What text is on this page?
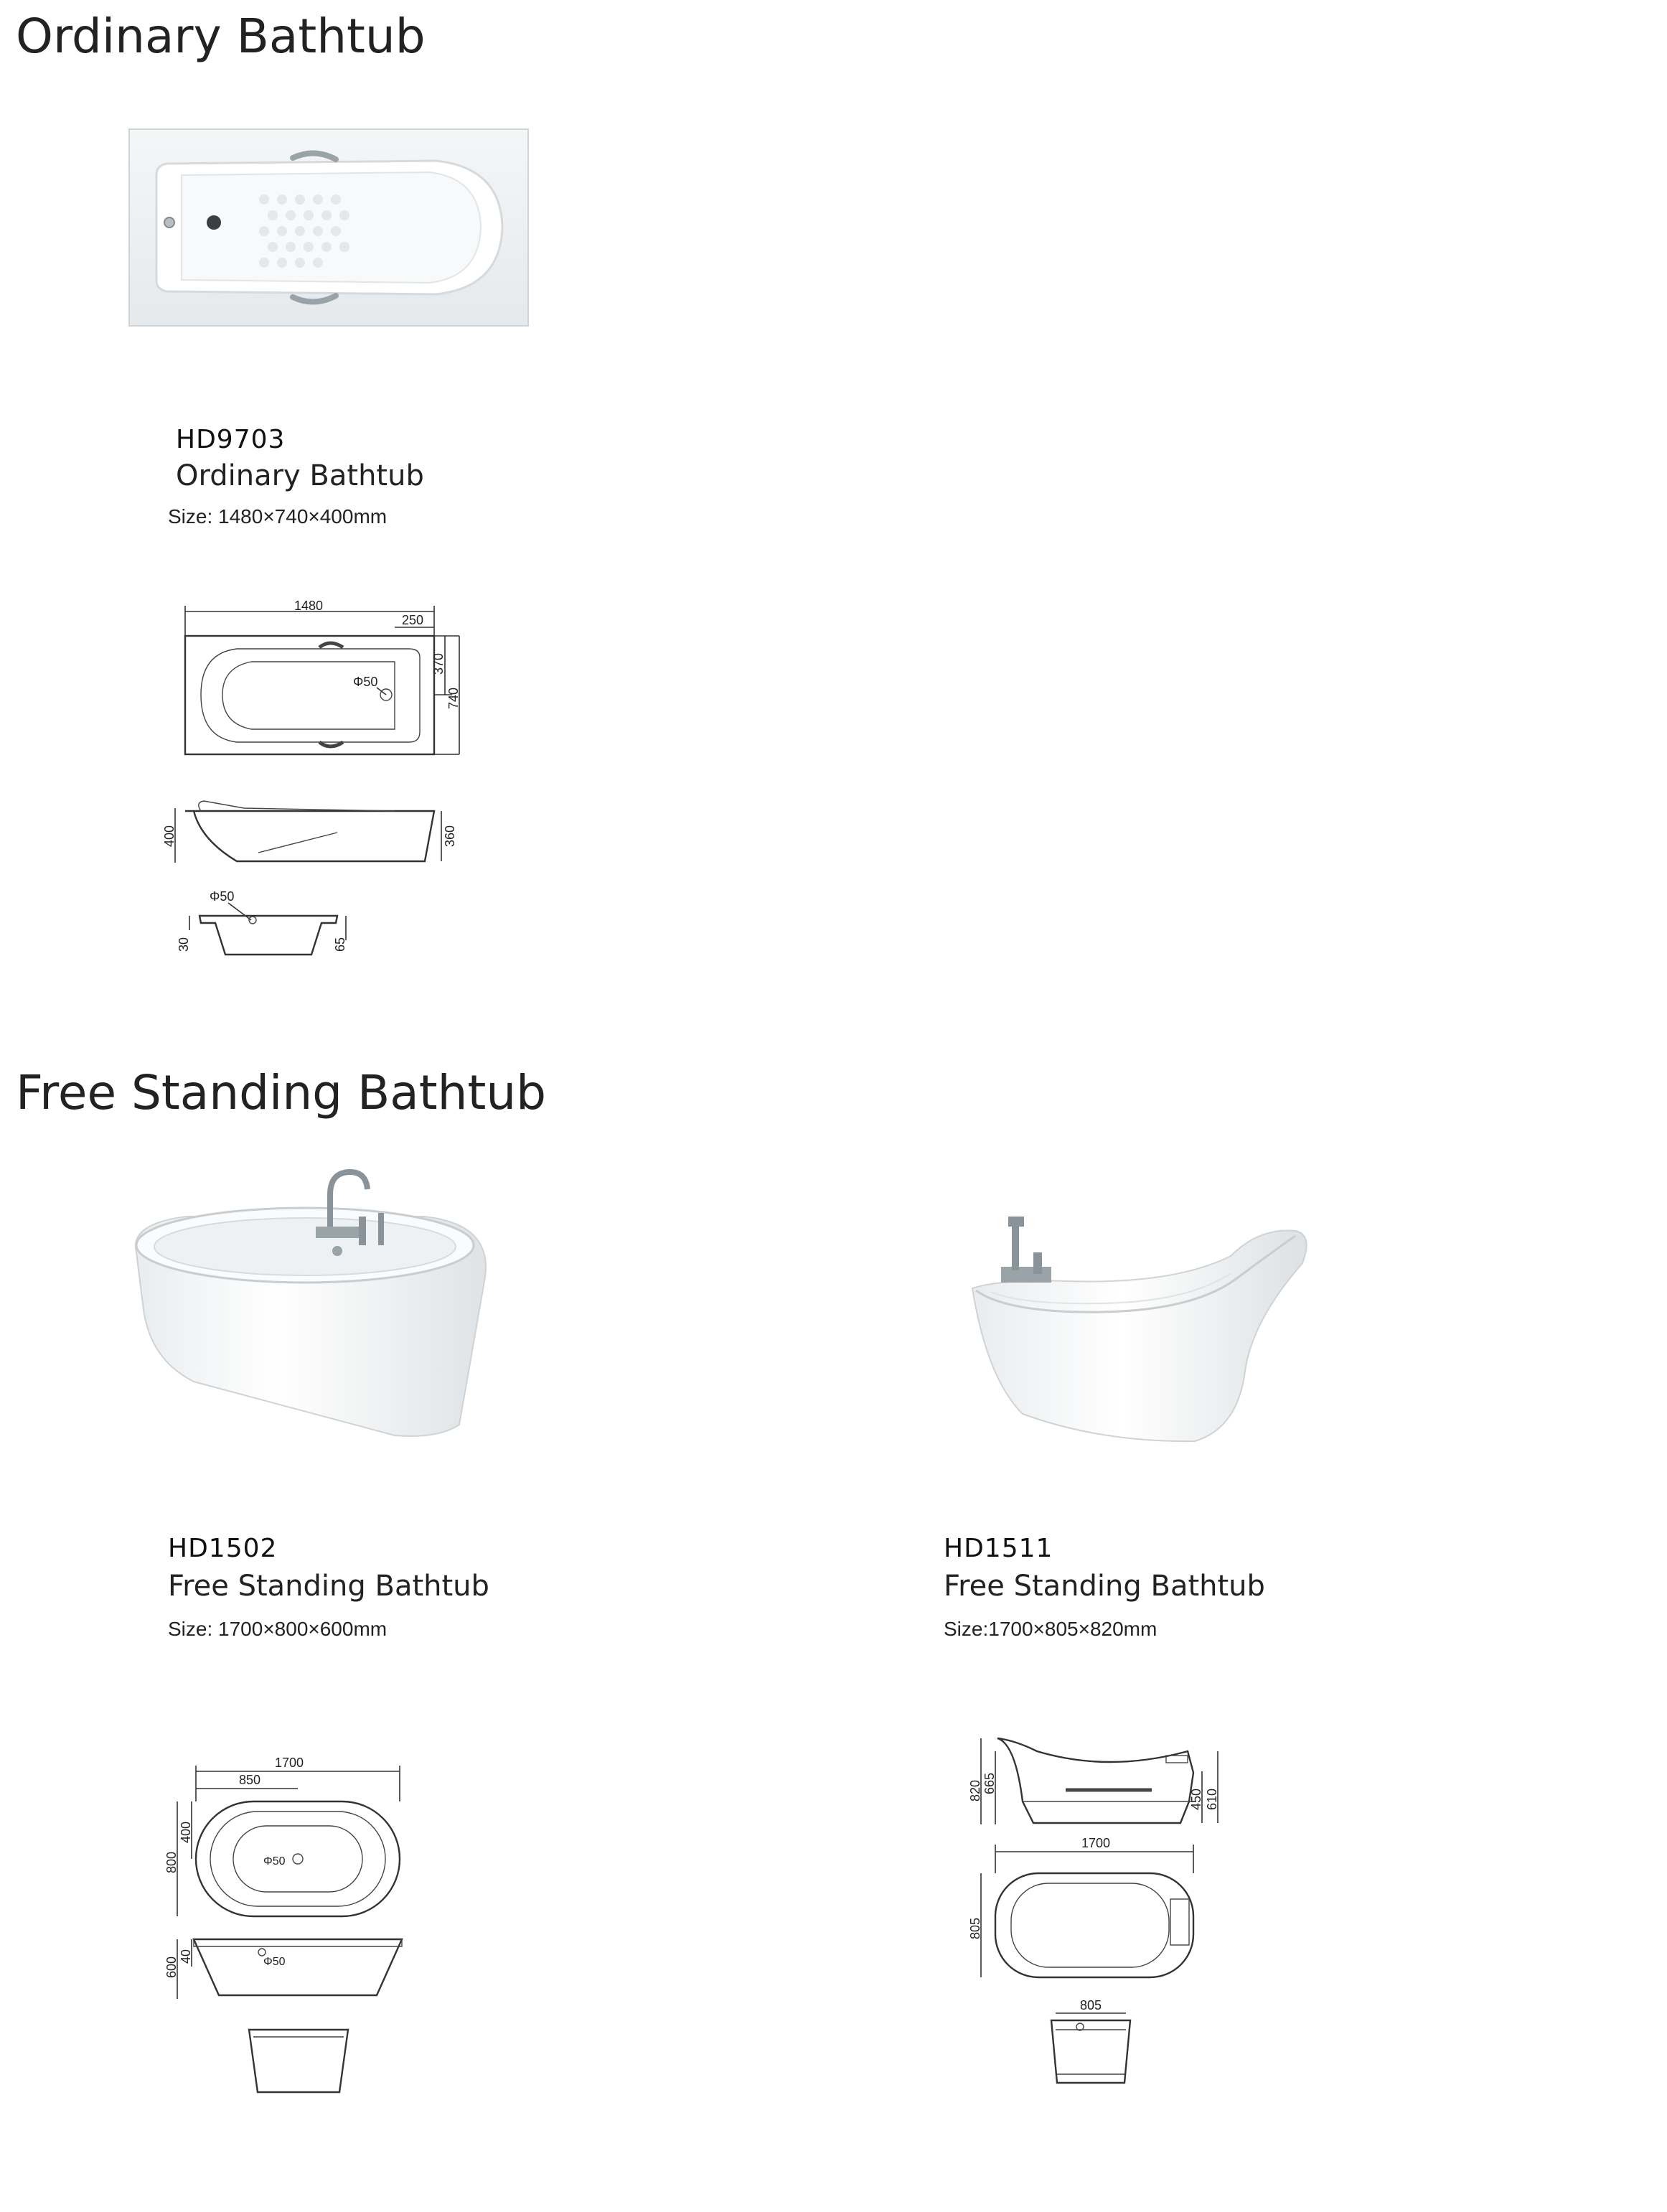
Ordinary Bathtub
HD9703
Ordinary Bathtub
Size: 1480×740×400mm
1480
250
Φ50
370
740
400	360
Φ50
30	65
Free Standing Bathtub
HD1502
Free Standing Bathtub
Size: 1700×800×600mm
1700
850
Φ50
800
400
Φ50
600 40
HD1511
Free Standing Bathtub
Size:1700×805×820mm
820 665
450 610
1700
805
805
